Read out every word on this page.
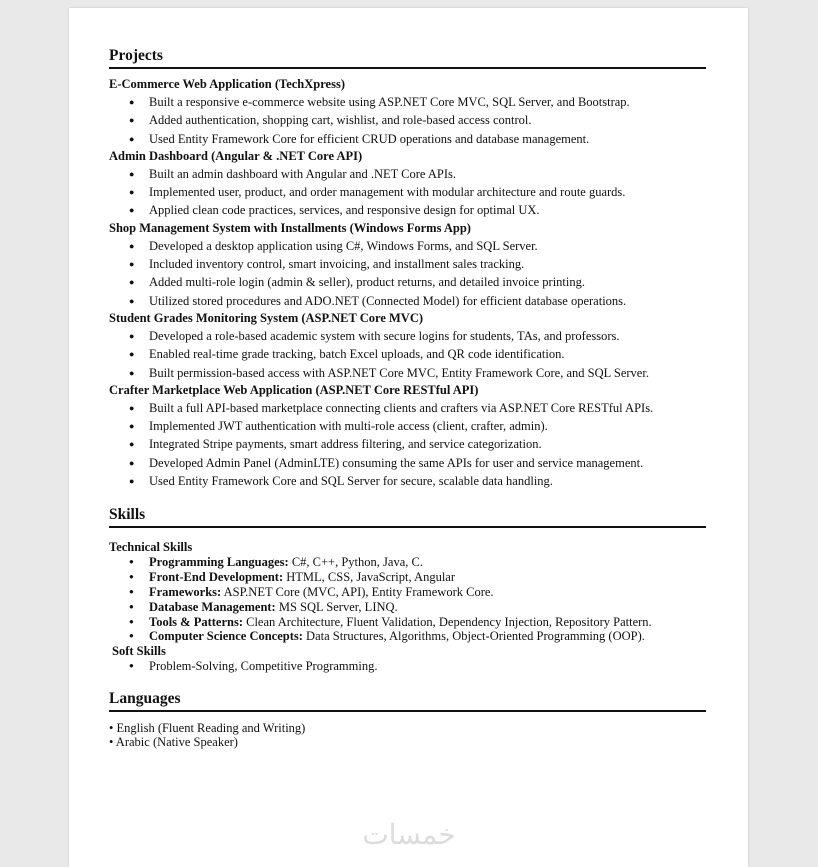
Projects
E-Commerce Web Application (TechXpress)
● Built a responsive e-commerce website using ASP.NET Core MVC, SQL Server, and Bootstrap.
● Added authentication, shopping cart, wishlist, and role-based access control.
● Used Entity Framework Core for efficient CRUD operations and database management.
Admin Dashboard (Angular & .NET Core API)
● Built an admin dashboard with Angular and .NET Core APIs.
● Implemented user, product, and order management with modular architecture and route guards.
● Applied clean code practices, services, and responsive design for optimal UX.
Shop Management System with Installments (Windows Forms App)
● Developed a desktop application using C#, Windows Forms, and SQL Server.
● Included inventory control, smart invoicing, and installment sales tracking.
● Added multi-role login (admin & seller), product returns, and detailed invoice printing.
● Utilized stored procedures and ADO.NET (Connected Model) for efficient database operations.
Student Grades Monitoring System (ASP.NET Core MVC)
● Developed a role-based academic system with secure logins for students, TAs, and professors.
● Enabled real-time grade tracking, batch Excel uploads, and QR code identification.
● Built permission-based access with ASP.NET Core MVC, Entity Framework Core, and SQL Server.
Crafter Marketplace Web Application (ASP.NET Core RESTful API)
● Built a full API-based marketplace connecting clients and crafters via ASP.NET Core RESTful APIs.
● Implemented JWT authentication with multi-role access (client, crafter, admin).
● Integrated Stripe payments, smart address filtering, and service categorization.
● Developed Admin Panel (AdminLTE) consuming the same APIs for user and service management.
● Used Entity Framework Core and SQL Server for secure, scalable data handling.
Skills
Technical Skills
● Programming Languages: C#, C++, Python, Java, C.
● Front-End Development: HTML, CSS, JavaScript, Angular
● Frameworks: ASP.NET Core (MVC, API), Entity Framework Core.
● Database Management: MS SQL Server, LINQ.
● Tools & Patterns: Clean Architecture, Fluent Validation, Dependency Injection, Repository Pattern.
● Computer Science Concepts: Data Structures, Algorithms, Object-Oriented Programming (OOP).
Soft Skills
● Problem-Solving, Competitive Programming.
Languages
• English (Fluent Reading and Writing)
• Arabic (Native Speaker)
خمسات
